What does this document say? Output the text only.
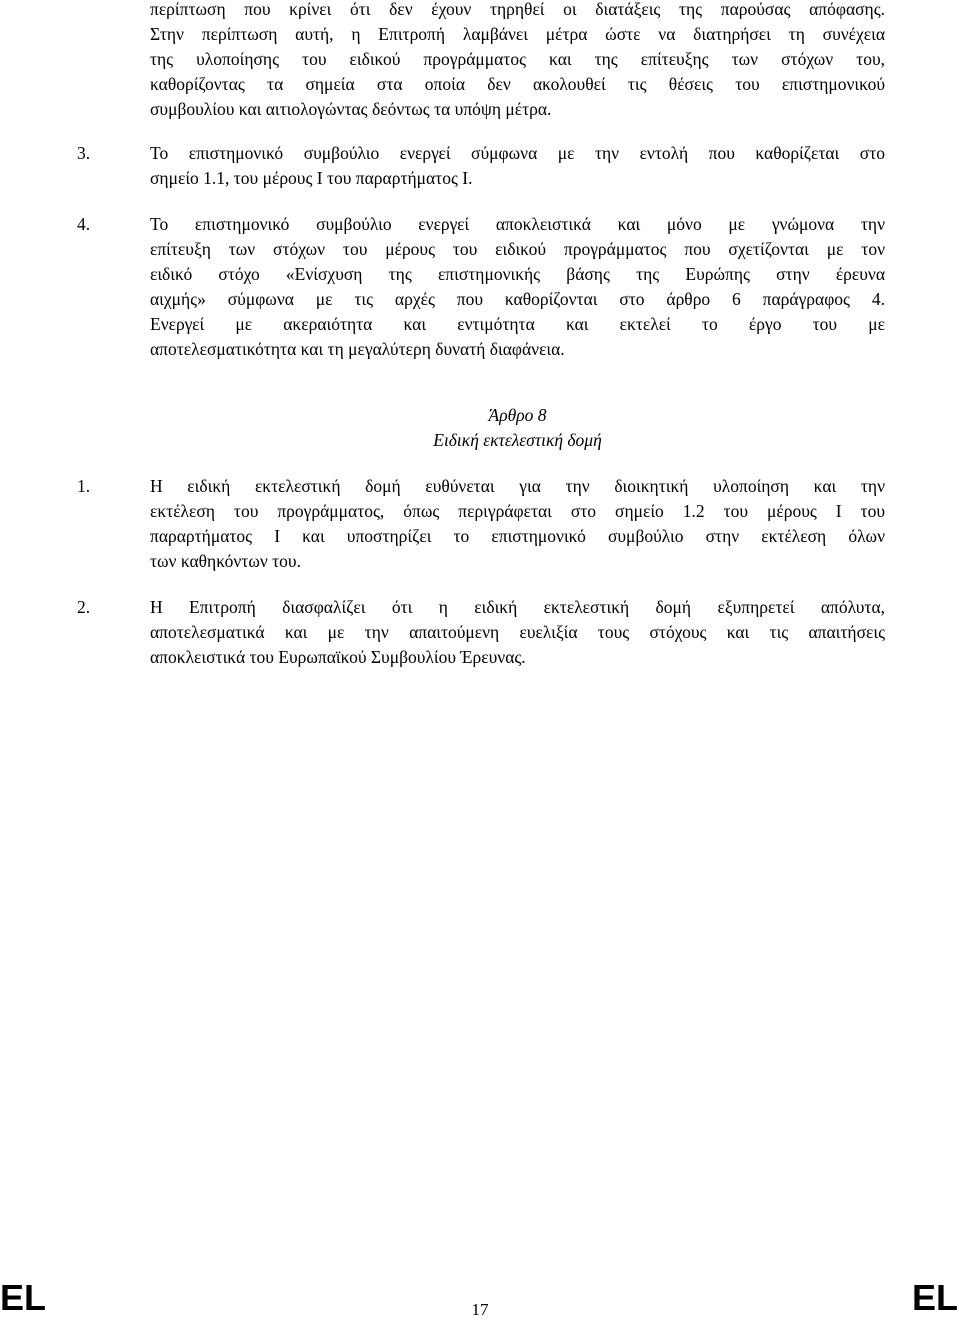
περίπτωση που κρίνει ότι δεν έχουν τηρηθεί οι διατάξεις της παρούσας απόφασης.
Στην περίπτωση αυτή, η Επιτροπή λαμβάνει μέτρα ώστε να διατηρήσει τη συνέχεια
της υλοποίησης του ειδικού προγράμματος και της επίτευξης των στόχων του,
καθορίζοντας τα σημεία στα οποία δεν ακολουθεί τις θέσεις του επιστημονικού
συμβουλίου και αιτιολογώντας δεόντως τα υπόψη μέτρα.

3.	Το επιστημονικό συμβούλιο ενεργεί σύμφωνα με την εντολή που καθορίζεται στο
σημείο 1.1, του μέρους Ι του παραρτήματος Ι.

4.	Το επιστημονικό συμβούλιο ενεργεί αποκλειστικά και μόνο με γνώμονα την
επίτευξη των στόχων του μέρους του ειδικού προγράμματος που σχετίζονται με τον
ειδικό στόχο «Ενίσχυση της επιστημονικής βάσης της Ευρώπης στην έρευνα
αιχμής» σύμφωνα με τις αρχές που καθορίζονται στο άρθρο 6 παράγραφος 4.
Ενεργεί με ακεραιότητα και εντιμότητα και εκτελεί το έργο του με
αποτελεσματικότητα και τη μεγαλύτερη δυνατή διαφάνεια.

Άρθρο 8

Ειδική εκτελεστική δομή

1.	Η ειδική εκτελεστική δομή ευθύνεται για την διοικητική υλοποίηση και την
εκτέλεση του προγράμματος, όπως περιγράφεται στο σημείο 1.2 του μέρους Ι του
παραρτήματος Ι και υποστηρίζει το επιστημονικό συμβούλιο στην εκτέλεση όλων
των καθηκόντων του.

2.	Η Επιτροπή διασφαλίζει ότι η ειδική εκτελεστική δομή εξυπηρετεί απόλυτα,
αποτελεσματικά και με την απαιτούμενη ευελιξία τους στόχους και τις απαιτήσεις
αποκλειστικά του Ευρωπαϊκού Συμβουλίου Έρευνας.
EL	17	EL
